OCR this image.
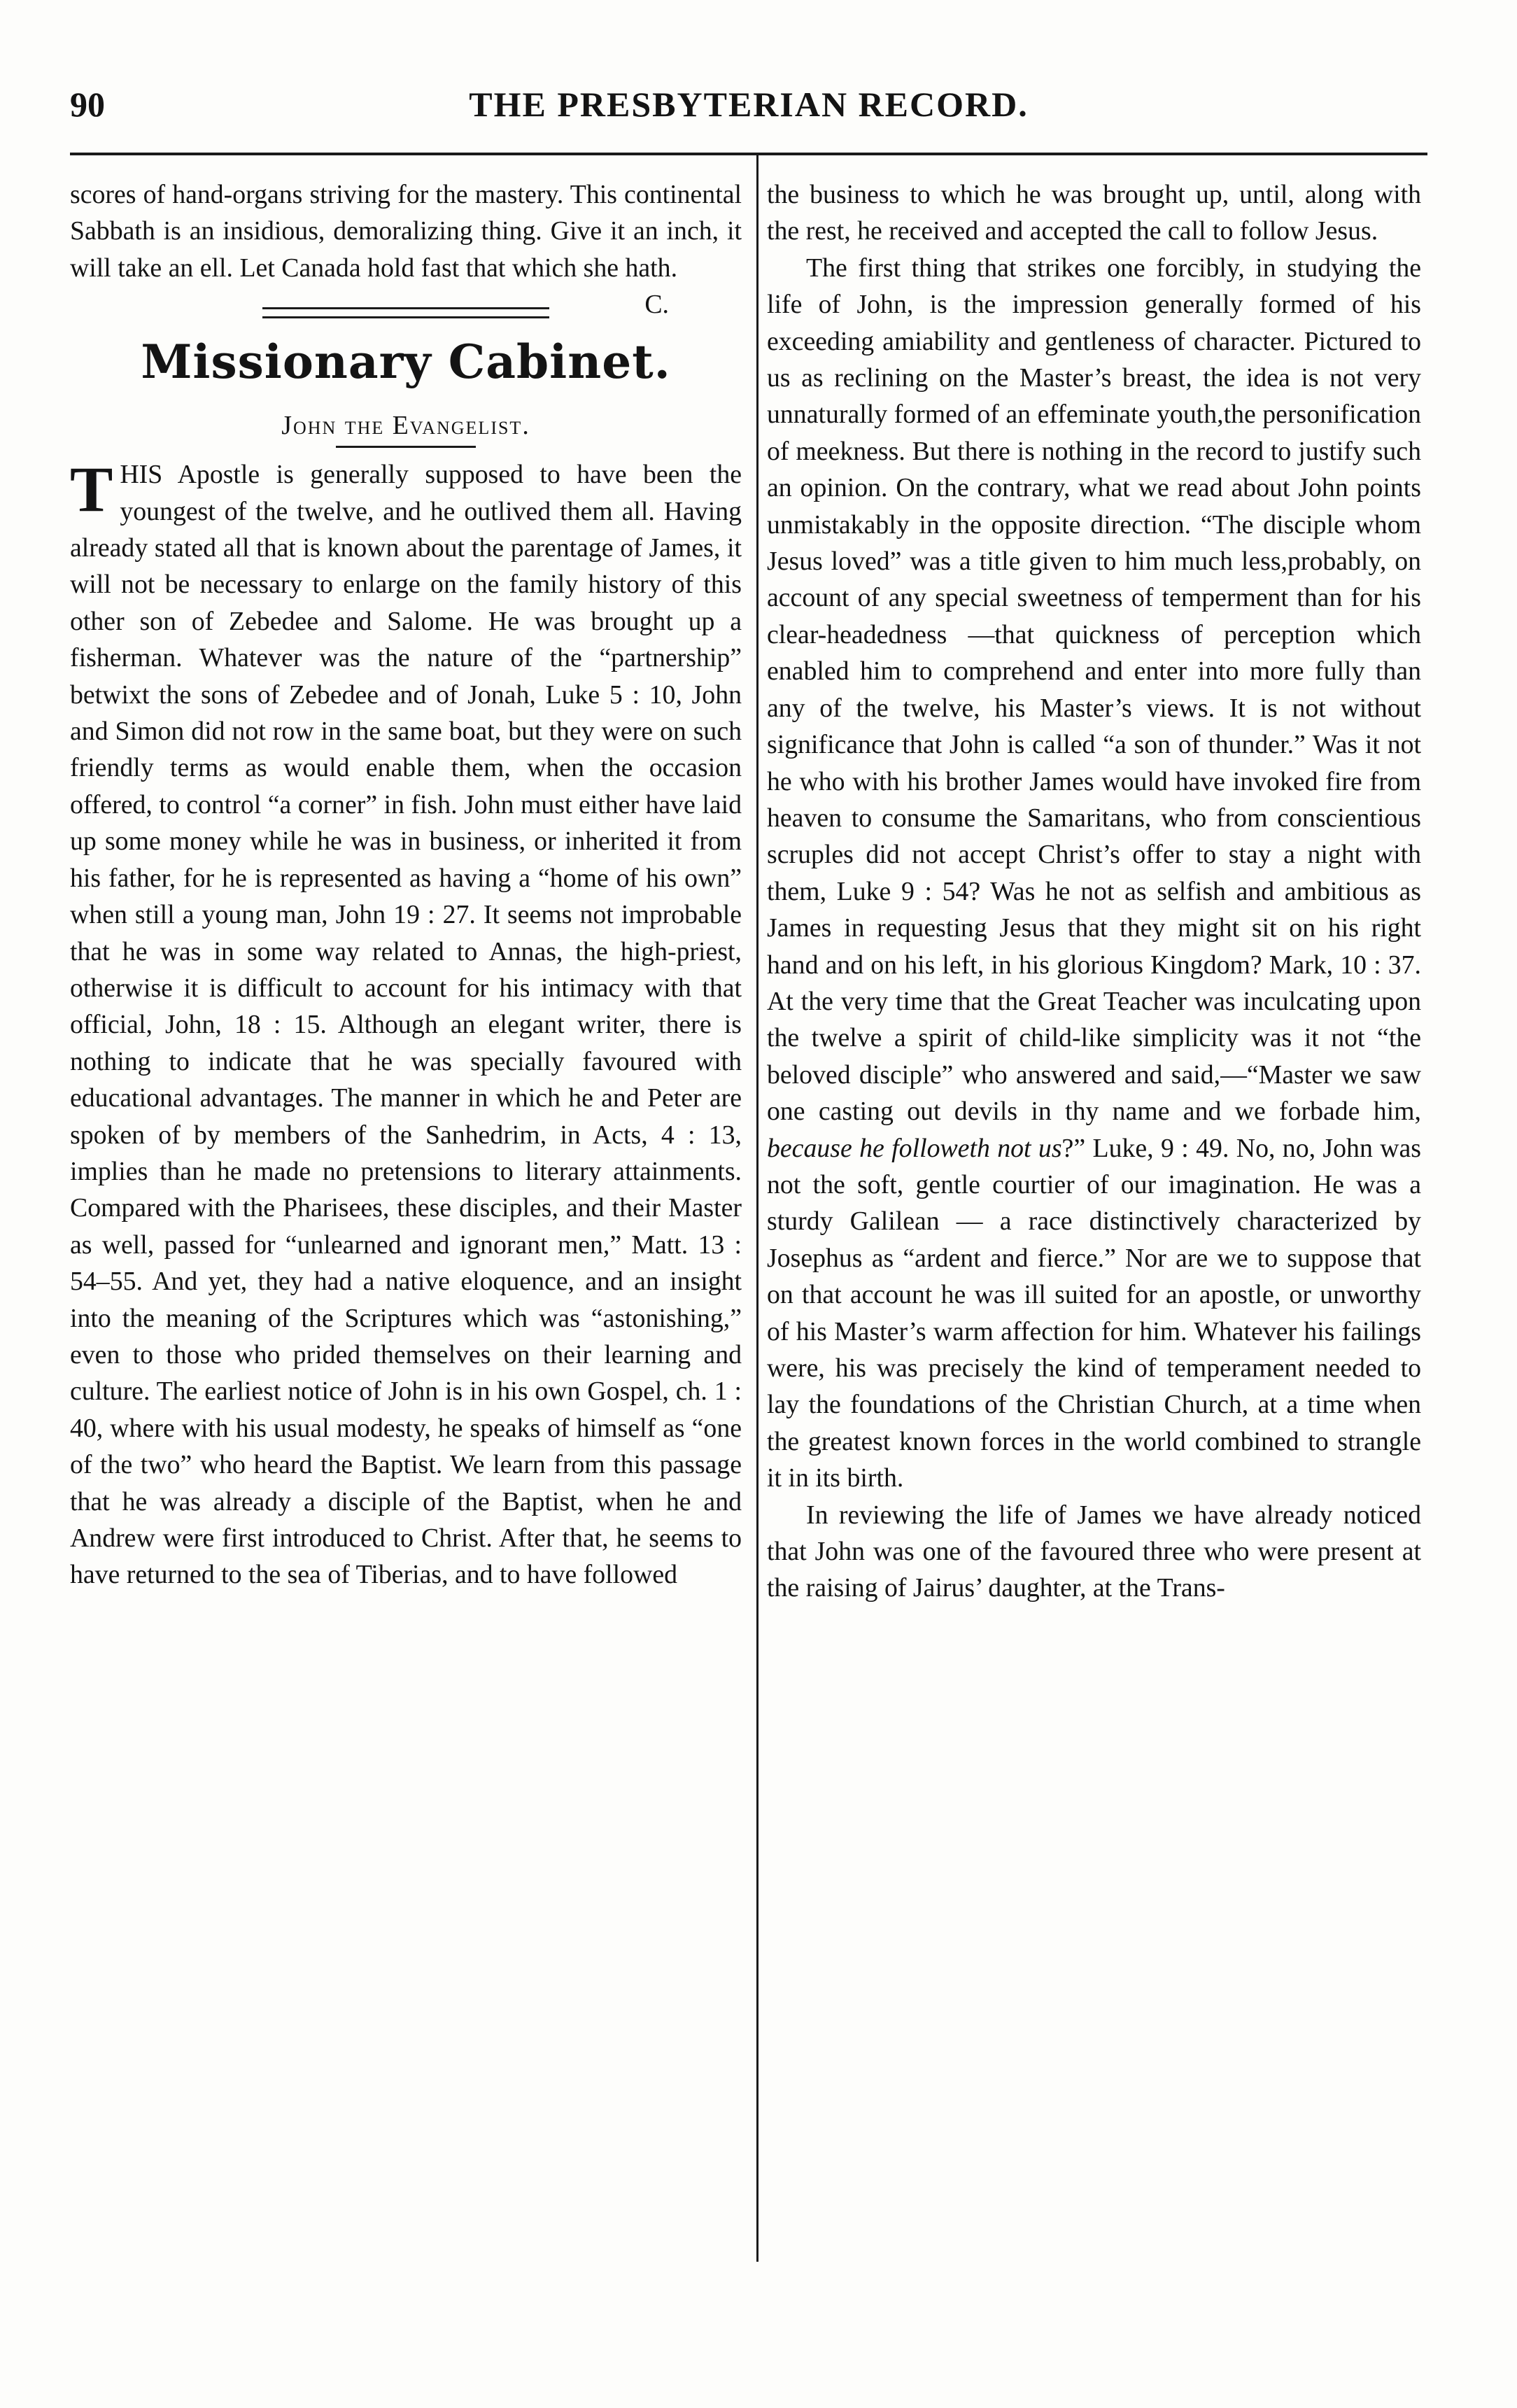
90	THE PRESBYTERIAN RECORD.

scores of hand-organs striving for the mastery. This continental Sabbath is an insidious, demoralizing thing. Give it an inch, it will take an ell. Let Canada hold fast that which she hath.
C.

Missionary Cabinet.
John the Evangelist.

THIS Apostle is generally supposed to have been the youngest of the twelve, and he outlived them all. Having already stated all that is known about the parentage of James, it will not be necessary to enlarge on the family history of this other son of Zebedee and Salome. He was brought up a fisherman. Whatever was the nature of the “partnership” betwixt the sons of Zebedee and of Jonah, Luke 5 : 10, John and Simon did not row in the same boat, but they were on such friendly terms as would enable them, when the occasion offered, to control “a corner” in fish. John must either have laid up some money while he was in business, or inherited it from his father, for he is represented as having a “home of his own” when still a young man, John 19 : 27. It seems not improbable that he was in some way related to Annas, the high-priest, otherwise it is difficult to account for his intimacy with that official, John, 18 : 15. Although an elegant writer, there is nothing to indicate that he was specially favoured with educational advantages. The manner in which he and Peter are spoken of by members of the Sanhedrim, in Acts, 4 : 13, implies than he made no pretensions to literary attainments. Compared with the Pharisees, these disciples, and their Master as well, passed for “unlearned and ignorant men,” Matt. 13 : 54–55. And yet, they had a native eloquence, and an insight into the meaning of the Scriptures which was “astonishing,” even to those who prided themselves on their learning and culture. The earliest notice of John is in his own Gospel, ch. 1 : 40, where with his usual modesty, he speaks of himself as “one of the two” who heard the Baptist. We learn from this passage that he was already a disciple of the Baptist, when he and Andrew were first introduced to Christ. After that, he seems to have returned to the sea of Tiberias, and to have followed

the business to which he was brought up, until, along with the rest, he received and accepted the call to follow Jesus.

The first thing that strikes one forcibly, in studying the life of John, is the impression generally formed of his exceeding amiability and gentleness of character. Pictured to us as reclining on the Master’s breast, the idea is not very unnaturally formed of an effeminate youth,the personification of meekness. But there is nothing in the record to justify such an opinion. On the contrary, what we read about John points unmistakably in the opposite direction. “The disciple whom Jesus loved” was a title given to him much less,probably, on account of any special sweetness of temperment than for his clear-headedness —that quickness of perception which enabled him to comprehend and enter into more fully than any of the twelve, his Master’s views. It is not without significance that John is called “a son of thunder.” Was it not he who with his brother James would have invoked fire from heaven to consume the Samaritans, who from conscientious scruples did not accept Christ’s offer to stay a night with them, Luke 9 : 54? Was he not as selfish and ambitious as James in requesting Jesus that they might sit on his right hand and on his left, in his glorious Kingdom? Mark, 10 : 37. At the very time that the Great Teacher was inculcating upon the twelve a spirit of child-like simplicity was it not “the beloved disciple” who answered and said,—“Master we saw one casting out devils in thy name and we forbade him, because he followeth not us?” Luke, 9 : 49. No, no, John was not the soft, gentle courtier of our imagination. He was a sturdy Galilean — a race distinctively characterized by Josephus as “ardent and fierce.” Nor are we to suppose that on that account he was ill suited for an apostle, or unworthy of his Master’s warm affection for him. Whatever his failings were, his was precisely the kind of temperament needed to lay the foundations of the Christian Church, at a time when the greatest known forces in the world combined to strangle it in its birth.

In reviewing the life of James we have already noticed that John was one of the favoured three who were present at the raising of Jairus’ daughter, at the Trans-
